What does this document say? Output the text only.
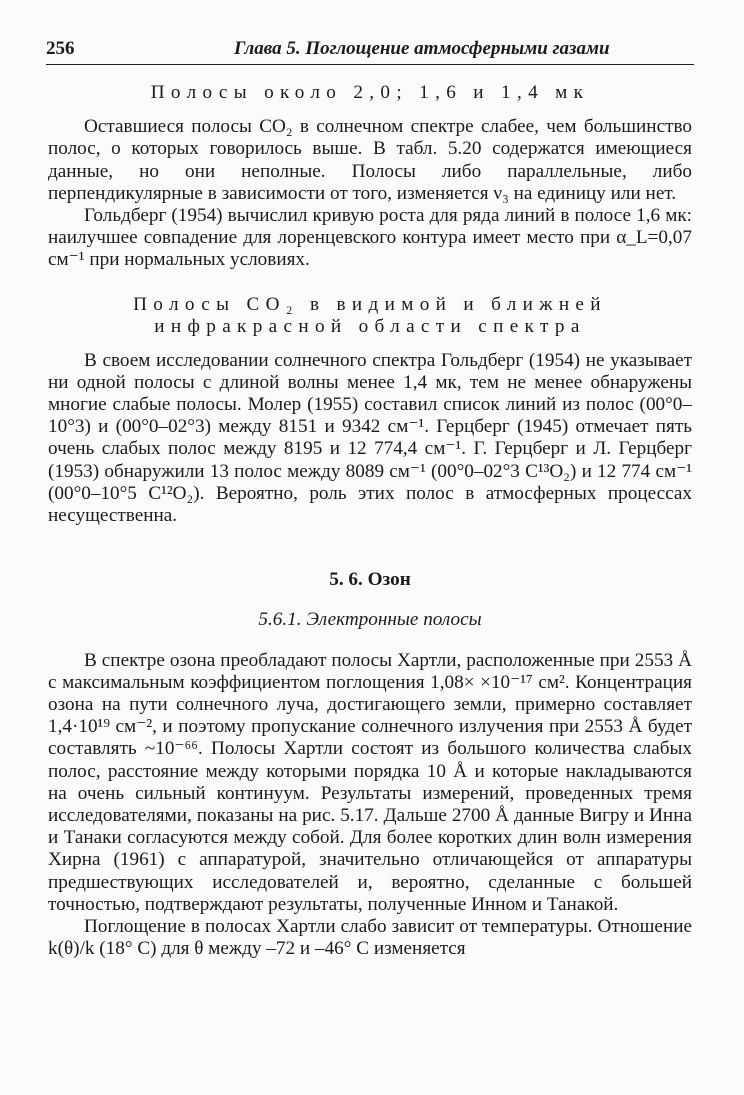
256	Глава 5. Поглощение атмосферными газами

Полосы около 2,0; 1,6 и 1,4 мк

Оставшиеся полосы CO₂ в солнечном спектре слабее, чем большинство полос, о которых говорилось выше. В табл. 5.20 содержатся имеющиеся данные, но они неполные. Полосы либо параллельные, либо перпендикулярные в зависимости от того, изменяется ν₃ на единицу или нет.

Гольдберг (1954) вычислил кривую роста для ряда линий в полосе 1,6 мк: наилучшее совпадение для лоренцевского контура имеет место при α_L=0,07 см⁻¹ при нормальных условиях.

Полосы CO₂ в видимой и ближней

инфракрасной области спектра

В своем исследовании солнечного спектра Гольдберг (1954) не указывает ни одной полосы с длиной волны менее 1,4 мк, тем не менее обнаружены многие слабые полосы. Молер (1955) составил список линий из полос (00°0–10°3) и (00°0–02°3) между 8151 и 9342 см⁻¹. Герцберг (1945) отмечает пять очень слабых полос между 8195 и 12 774,4 см⁻¹. Г. Герцберг и Л. Герцберг (1953) обнаружили 13 полос между 8089 см⁻¹ (00°0–02°3 C¹³O₂) и 12 774 см⁻¹ (00°0–10°5 C¹²O₂). Вероятно, роль этих полос в атмосферных процессах несущественна.

5. 6. Озон
5.6.1. Электронные полосы

В спектре озона преобладают полосы Хартли, расположенные при 2553 Å с максимальным коэффициентом поглощения 1,08× ×10⁻¹⁷ см². Концентрация озона на пути солнечного луча, достигающего земли, примерно составляет 1,4·10¹⁹ см⁻², и поэтому пропускание солнечного излучения при 2553 Å будет составлять ~10⁻⁶⁶. Полосы Хартли состоят из большого количества слабых полос, расстояние между которыми порядка 10 Å и которые накладываются на очень сильный континуум. Результаты измерений, проведенных тремя исследователями, показаны на рис. 5.17. Дальше 2700 Å данные Вигру и Инна и Танаки согласуются между собой. Для более коротких длин волн измерения Хирна (1961) с аппаратурой, значительно отличающейся от аппаратуры предшествующих исследователей и, вероятно, сделанные с большей точностью, подтверждают результаты, полученные Инном и Танакой.

Поглощение в полосах Хартли слабо зависит от температуры. Отношение k(θ)/k (18° C) для θ между –72 и –46° C изменяется
